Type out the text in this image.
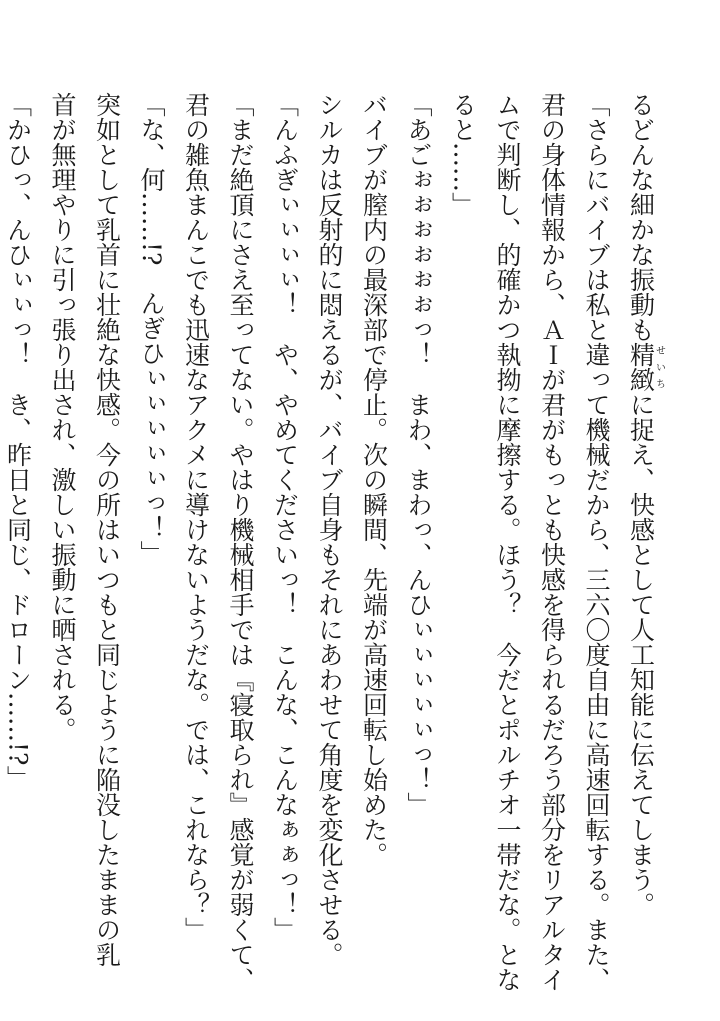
るどんな細かな振動も精緻せいちに捉え、快感として人工知能に伝えてしまう。

「さらにバイブは私と違って機械だから、三六〇度自由に高速回転する。また、

君の身体情報から、ＡＩが君がもっとも快感を得られるだろう部分をリアルタイ

ムで判断し、的確かつ執拗に摩擦する。ほう？　今だとポルチオ一帯だな。とな

ると……」

「あごぉぉぉぉぉぉっ！　まわ、まわっ、んひぃぃぃぃぃっ！」

バイブが膣内の最深部で停止。次の瞬間、先端が高速回転し始めた。

シルカは反射的に悶えるが、バイブ自身もそれにあわせて角度を変化させる。

「んふぎぃぃぃぃ！　や、やめてくださいっ！　こんな、こんなぁぁっ！」

「まだ絶頂にさえ至ってない。やはり機械相手では『寝取られ』感覚が弱くて、

君の雑魚まんこでも迅速なアクメに導けないようだな。では、これなら？」

「な、何……!?　んぎひぃぃぃぃぃっ！」

突如として乳首に壮絶な快感。今の所はいつもと同じように陥没したままの乳

首が無理やりに引っ張り出され、激しい振動に晒される。

「かひっ、んひぃぃっ！　き、昨日と同じ、ドローン……!?」
